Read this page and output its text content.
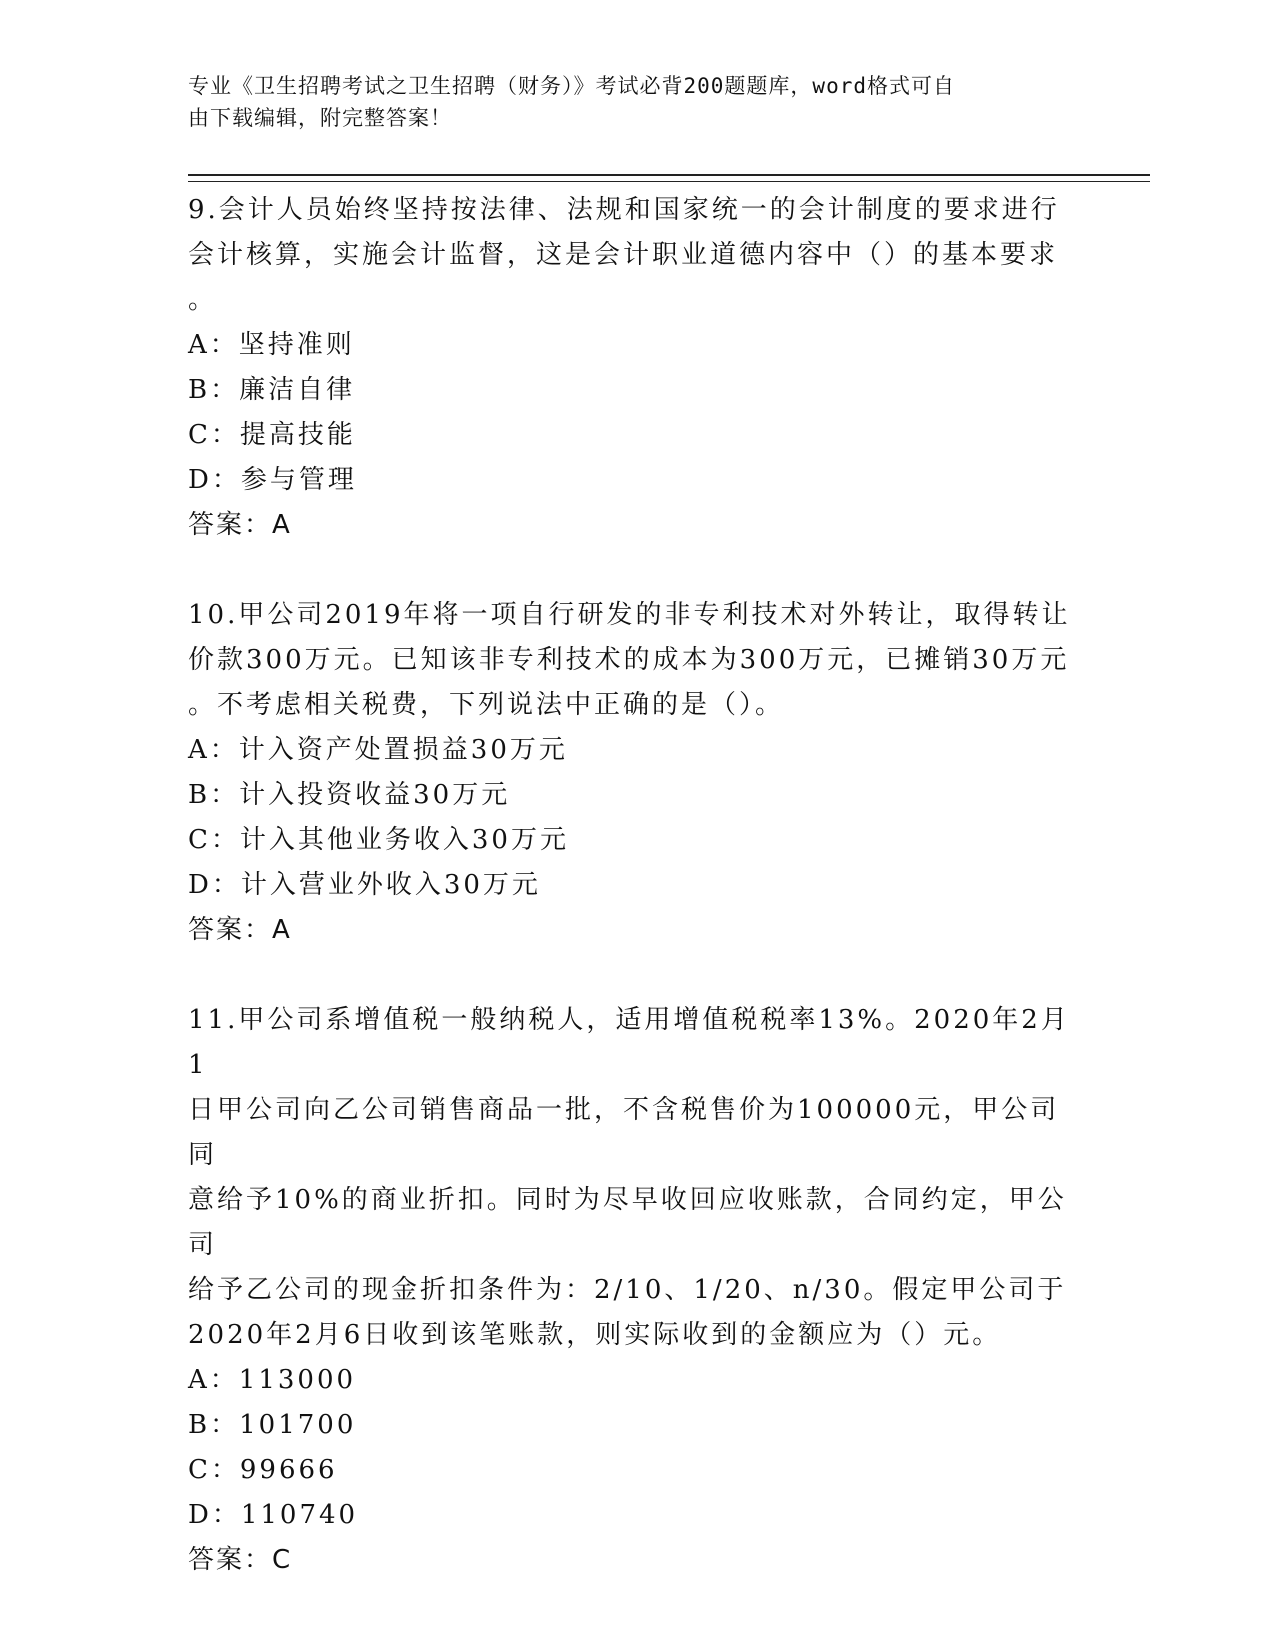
专业《卫生招聘考试之卫生招聘（财务）》考试必背200题题库，word格式可自
由下载编辑，附完整答案！

9.会计人员始终坚持按法律、法规和国家统一的会计制度的要求进行

会计核算，实施会计监督，这是会计职业道德内容中（）的基本要求

。

A：坚持准则

B：廉洁自律

C：提高技能

D：参与管理

答案：A

10.甲公司2019年将一项自行研发的非专利技术对外转让，取得转让

价款300万元。已知该非专利技术的成本为300万元，已摊销30万元

。不考虑相关税费，下列说法中正确的是（）。

A：计入资产处置损益30万元

B：计入投资收益30万元

C：计入其他业务收入30万元

D：计入营业外收入30万元

答案：A

11.甲公司系增值税一般纳税人，适用增值税税率13%。2020年2月1

日甲公司向乙公司销售商品一批，不含税售价为100000元，甲公司同

意给予10%的商业折扣。同时为尽早收回应收账款，合同约定，甲公司

给予乙公司的现金折扣条件为：2/10、1/20、n/30。假定甲公司于

2020年2月6日收到该笔账款，则实际收到的金额应为（）元。

A：113000

B：101700

C：99666

D：110740

答案：C
